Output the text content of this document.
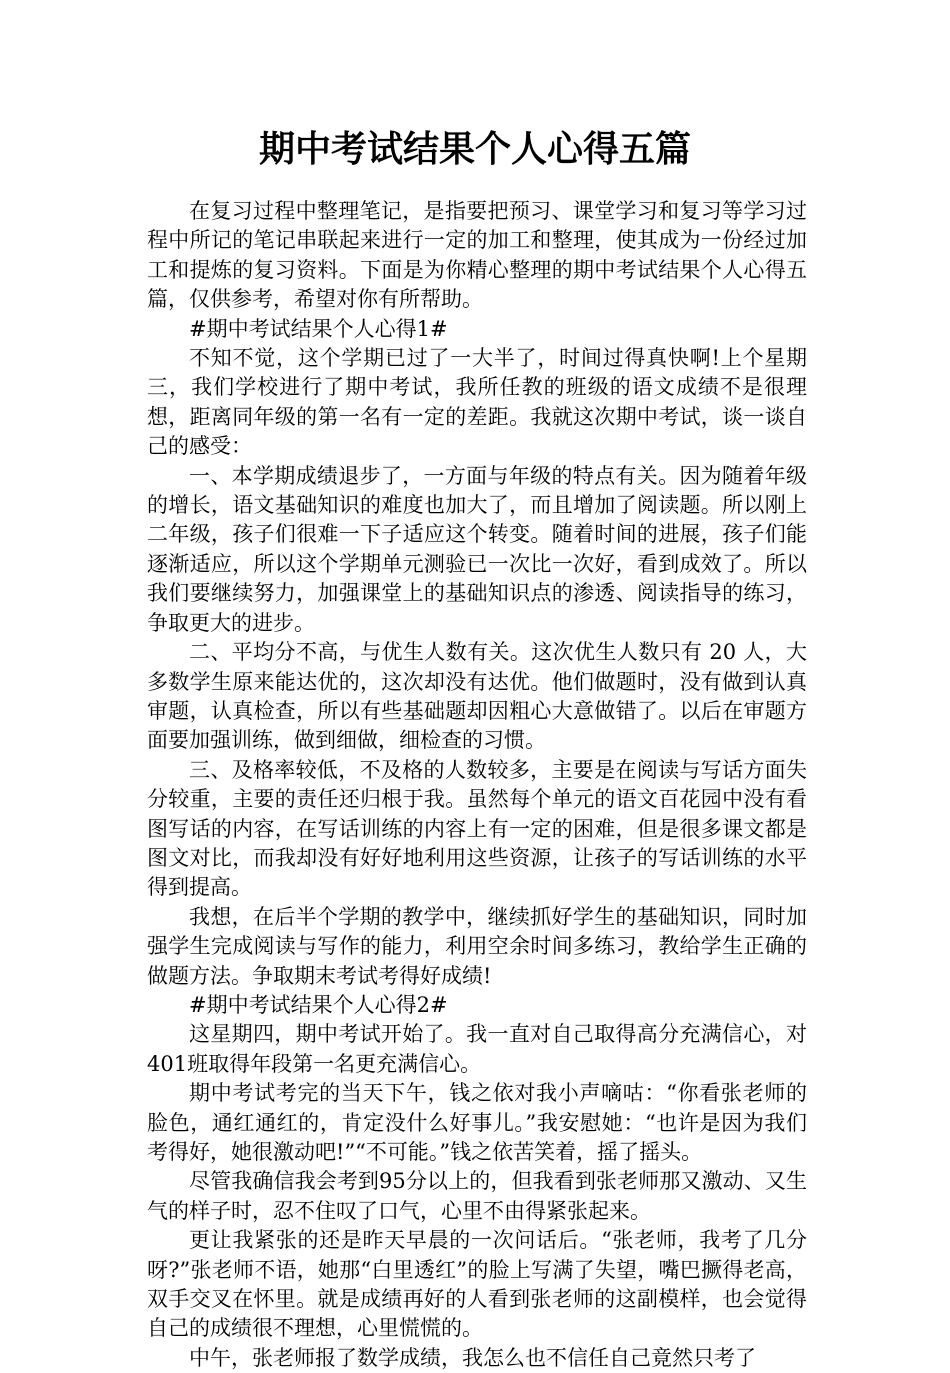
期中考试结果个人心得五篇

在复习过程中整理笔记，是指要把预习、课堂学习和复习等学习过程中所记的笔记串联起来进行一定的加工和整理，使其成为一份经过加工和提炼的复习资料。下面是为你精心整理的期中考试结果个人心得五篇，仅供参考，希望对你有所帮助。

#期中考试结果个人心得1#

不知不觉，这个学期已过了一大半了，时间过得真快啊!上个星期三，我们学校进行了期中考试，我所任教的班级的语文成绩不是很理想，距离同年级的第一名有一定的差距。我就这次期中考试，谈一谈自己的感受：

一、本学期成绩退步了，一方面与年级的特点有关。因为随着年级的增长，语文基础知识的难度也加大了，而且增加了阅读题。所以刚上二年级，孩子们很难一下子适应这个转变。随着时间的进展，孩子们能逐渐适应，所以这个学期单元测验已一次比一次好，看到成效了。所以我们要继续努力，加强课堂上的基础知识点的渗透、阅读指导的练习，争取更大的进步。

二、平均分不高，与优生人数有关。这次优生人数只有 20 人，大多数学生原来能达优的，这次却没有达优。他们做题时，没有做到认真审题，认真检查，所以有些基础题却因粗心大意做错了。以后在审题方面要加强训练，做到细做，细检查的习惯。

三、及格率较低，不及格的人数较多，主要是在阅读与写话方面失分较重，主要的责任还归根于我。虽然每个单元的语文百花园中没有看图写话的内容，在写话训练的内容上有一定的困难，但是很多课文都是图文对比，而我却没有好好地利用这些资源，让孩子的写话训练的水平得到提高。

我想，在后半个学期的教学中，继续抓好学生的基础知识，同时加强学生完成阅读与写作的能力，利用空余时间多练习，教给学生正确的做题方法。争取期末考试考得好成绩!

#期中考试结果个人心得2#

这星期四，期中考试开始了。我一直对自己取得高分充满信心，对401班取得年段第一名更充满信心。

期中考试考完的当天下午，钱之依对我小声嘀咕：“你看张老师的脸色，通红通红的，肯定没什么好事儿。”我安慰她：“也许是因为我们考得好，她很激动吧!”“不可能。”钱之依苦笑着，摇了摇头。

尽管我确信我会考到95分以上的，但我看到张老师那又激动、又生气的样子时，忍不住叹了口气，心里不由得紧张起来。

更让我紧张的还是昨天早晨的一次问话后。“张老师，我考了几分呀?”张老师不语，她那“白里透红”的脸上写满了失望，嘴巴撅得老高，双手交叉在怀里。就是成绩再好的人看到张老师的这副模样，也会觉得自己的成绩很不理想，心里慌慌的。

中午，张老师报了数学成绩，我怎么也不信任自己竟然只考了
